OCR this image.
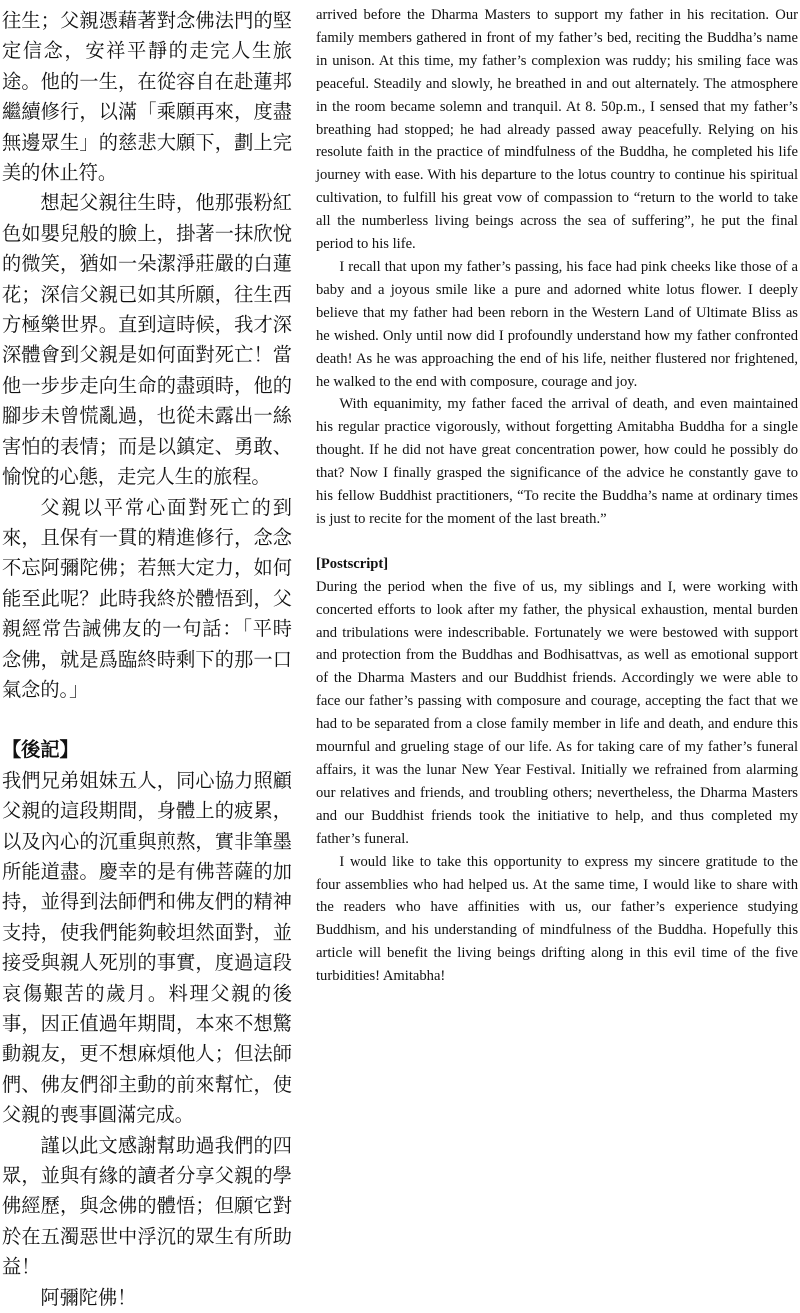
往生；父親憑藉著對念佛法門的堅定信念，安祥平靜的走完人生旅途。他的一生，在從容自在赴蓮邦繼續修行，以滿「乘願再來，度盡無邊眾生」的慈悲大願下，劃上完美的休止符。

想起父親往生時，他那張粉紅色如嬰兒般的臉上，掛著一抹欣悅的微笑，猶如一朵潔淨莊嚴的白蓮花；深信父親已如其所願，往生西方極樂世界。直到這時候，我才深深體會到父親是如何面對死亡！當他一步步走向生命的盡頭時，他的腳步未曾慌亂過，也從未露出一絲害怕的表情；而是以鎮定、勇敢、愉悅的心態，走完人生的旅程。

父親以平常心面對死亡的到來，且保有一貫的精進修行，念念不忘阿彌陀佛；若無大定力，如何能至此呢？此時我終於體悟到，父親經常告誡佛友的一句話：「平時念佛，就是爲臨終時剩下的那一口氣念的。」

【後記】

我們兄弟姐妹五人，同心協力照顧父親的這段期間，身體上的疲累，以及內心的沉重與煎熬，實非筆墨所能道盡。慶幸的是有佛菩薩的加持，並得到法師們和佛友們的精神支持，使我們能夠較坦然面對，並接受與親人死別的事實，度過這段哀傷艱苦的歲月。料理父親的後事，因正值過年期間，本來不想驚動親友，更不想麻煩他人；但法師們、佛友們卻主動的前來幫忙，使父親的喪事圓滿完成。

謹以此文感謝幫助過我們的四眾，並與有緣的讀者分享父親的學佛經歷，與念佛的體悟；但願它對於在五濁惡世中浮沉的眾生有所助益！

阿彌陀佛！

arrived before the Dharma Masters to support my father in his recitation. Our family members gathered in front of my father’s bed, reciting the Buddha’s name in unison. At this time, my father’s complexion was ruddy; his smiling face was peaceful. Steadily and slowly, he breathed in and out alternately. The atmosphere in the room became solemn and tranquil. At 8. 50p.m., I sensed that my father’s breathing had stopped; he had already passed away peacefully. Relying on his resolute faith in the practice of mindfulness of the Buddha, he completed his life journey with ease. With his departure to the lotus country to continue his spiritual cultivation, to fulfill his great vow of compassion to “return to the world to take all the numberless living beings across the sea of suffering”, he put the final period to his life.

I recall that upon my father’s passing, his face had pink cheeks like those of a baby and a joyous smile like a pure and adorned white lotus flower. I deeply believe that my father had been reborn in the Western Land of Ultimate Bliss as he wished. Only until now did I profoundly understand how my father confronted death! As he was approaching the end of his life, neither flustered nor frightened, he walked to the end with composure, courage and joy.

With equanimity, my father faced the arrival of death, and even maintained his regular practice vigorously, without forgetting Amitabha Buddha for a single thought. If he did not have great concentration power, how could he possibly do that? Now I finally grasped the significance of the advice he constantly gave to his fellow Buddhist practitioners, “To recite the Buddha’s name at ordinary times is just to recite for the moment of the last breath.”

[Postscript]

During the period when the five of us, my siblings and I, were working with concerted efforts to look after my father, the physical exhaustion, mental burden and tribulations were indescribable. Fortunately we were bestowed with support and protection from the Buddhas and Bodhisattvas, as well as emotional support of the Dharma Masters and our Buddhist friends. Accordingly we were able to face our father’s passing with composure and courage, accepting the fact that we had to be separated from a close family member in life and death, and endure this mournful and grueling stage of our life. As for taking care of my father’s funeral affairs, it was the lunar New Year Festival. Initially we refrained from alarming our relatives and friends, and troubling others; nevertheless, the Dharma Masters and our Buddhist friends took the initiative to help, and thus completed my father’s funeral.

I would like to take this opportunity to express my sincere gratitude to the four assemblies who had helped us. At the same time, I would like to share with the readers who have affinities with us, our father’s experience studying Buddhism, and his understanding of mindfulness of the Buddha. Hopefully this article will benefit the living beings drifting along in this evil time of the five turbidities! Amitabha!
